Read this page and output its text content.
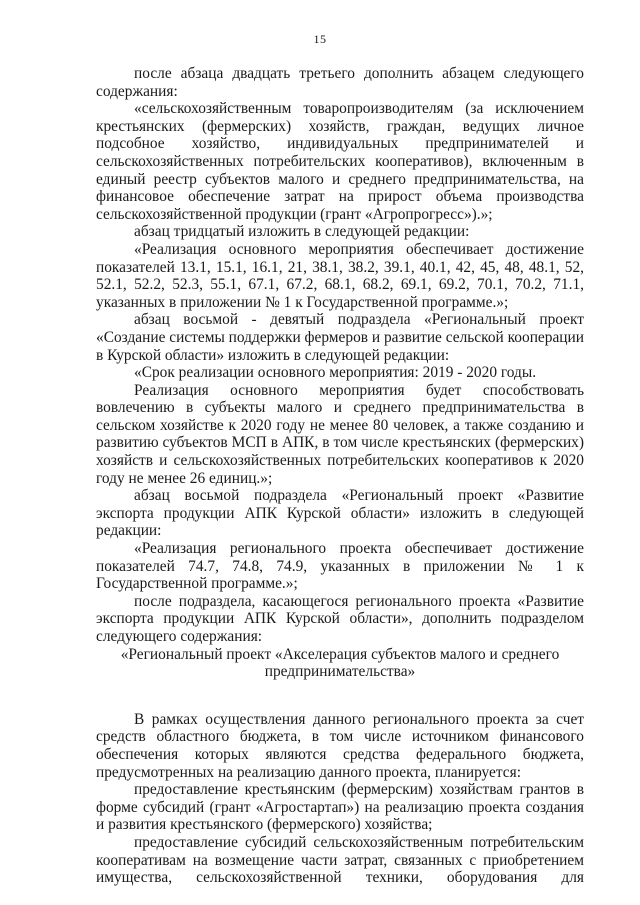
15

после абзаца двадцать третьего дополнить абзацем следующего содержания:

«сельскохозяйственным товаропроизводителям (за исключением крестьянских (фермерских) хозяйств, граждан, ведущих личное подсобное хозяйство, индивидуальных предпринимателей и сельскохозяйственных потребительских кооперативов), включенным в единый реестр субъектов малого и среднего предпринимательства, на финансовое обеспечение затрат на прирост объема производства сельскохозяйственной продукции (грант «Агропрогресс»).»;

абзац тридцатый изложить в следующей редакции:

«Реализация основного мероприятия обеспечивает достижение показателей 13.1, 15.1, 16.1, 21, 38.1, 38.2, 39.1, 40.1, 42, 45, 48, 48.1, 52, 52.1, 52.2, 52.3, 55.1, 67.1, 67.2, 68.1, 68.2, 69.1, 69.2, 70.1, 70.2, 71.1, указанных в приложении № 1 к Государственной программе.»;

абзац восьмой - девятый подраздела «Региональный проект «Создание системы поддержки фермеров и развитие сельской кооперации в Курской области» изложить в следующей редакции:

«Срок реализации основного мероприятия: 2019 - 2020 годы.

Реализация основного мероприятия будет способствовать вовлечению в субъекты малого и среднего предпринимательства в сельском хозяйстве к 2020 году не менее 80 человек, а также созданию и развитию субъектов МСП в АПК, в том числе крестьянских (фермерских) хозяйств и сельскохозяйственных потребительских кооперативов к 2020 году не менее 26 единиц.»;

абзац восьмой подраздела «Региональный проект «Развитие экспорта продукции АПК Курской области» изложить в следующей редакции:

«Реализация регионального проекта обеспечивает достижение показателей 74.7, 74.8, 74.9, указанных в приложении № 1 к Государственной программе.»;

после подраздела, касающегося регионального проекта «Развитие экспорта продукции АПК Курской области», дополнить подразделом следующего содержания:

«Региональный проект «Акселерация субъектов малого и среднего предпринимательства»

В рамках осуществления данного регионального проекта за счет средств областного бюджета, в том числе источником финансового обеспечения которых являются средства федерального бюджета, предусмотренных на реализацию данного проекта, планируется:

предоставление крестьянским (фермерским) хозяйствам грантов в форме субсидий (грант «Агростартап») на реализацию проекта создания и развития крестьянского (фермерского) хозяйства;

предоставление субсидий сельскохозяйственным потребительским кооперативам на возмещение части затрат, связанных с приобретением имущества, сельскохозяйственной техники, оборудования для
